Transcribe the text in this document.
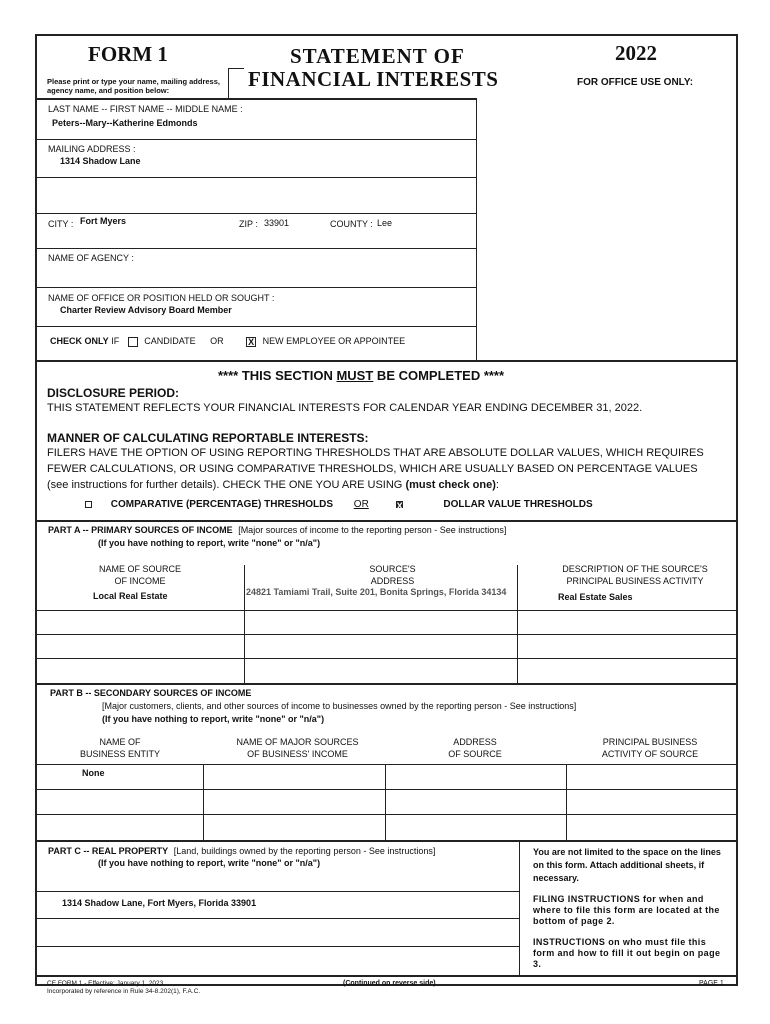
FORM 1
Please print or type your name, mailing address, agency name, and position below:
STATEMENT OF
FINANCIAL INTERESTS
2022
FOR OFFICE USE ONLY:
LAST NAME -- FIRST NAME -- MIDDLE NAME :
Peters--Mary--Katherine Edmonds
MAILING ADDRESS :
1314 Shadow Lane
CITY : Fort Myers	ZIP : 33901	COUNTY : Lee
NAME OF AGENCY :
NAME OF OFFICE OR POSITION HELD OR SOUGHT :
Charter Review Advisory Board Member
CHECK ONLY IF	CANDIDATE OR	X NEW EMPLOYEE OR APPOINTEE
**** THIS SECTION MUST BE COMPLETED ****
DISCLOSURE PERIOD:
THIS STATEMENT REFLECTS YOUR FINANCIAL INTERESTS FOR CALENDAR YEAR ENDING DECEMBER 31, 2022.
MANNER OF CALCULATING REPORTABLE INTERESTS:
FILERS HAVE THE OPTION OF USING REPORTING THRESHOLDS THAT ARE ABSOLUTE DOLLAR VALUES, WHICH REQUIRES
FEWER CALCULATIONS, OR USING COMPARATIVE THRESHOLDS, WHICH ARE USUALLY BASED ON PERCENTAGE VALUES
(see instructions for further details). CHECK THE ONE YOU ARE USING (must check one):
COMPARATIVE (PERCENTAGE) THRESHOLDS OR	X	DOLLAR VALUE THRESHOLDS
PART A -- PRIMARY SOURCES OF INCOME [Major sources of income to the reporting person - See instructions]
(If you have nothing to report, write "none" or "n/a")
NAME OF SOURCE
OF INCOME
SOURCE'S
ADDRESS
DESCRIPTION OF THE SOURCE'S
PRINCIPAL BUSINESS ACTIVITY
Local Real Estate	24821 Tamiami Trail, Suite 201, Bonita Springs, Florida 34134	Real Estate Sales
PART B -- SECONDARY SOURCES OF INCOME
[Major customers, clients, and other sources of income to businesses owned by the reporting person - See instructions]
(If you have nothing to report, write "none" or "n/a")
NAME OF
BUSINESS ENTITY
NAME OF MAJOR SOURCES
OF BUSINESS' INCOME
ADDRESS
OF SOURCE
PRINCIPAL BUSINESS
ACTIVITY OF SOURCE
None
PART C -- REAL PROPERTY [Land, buildings owned by the reporting person - See instructions]
(If you have nothing to report, write "none" or "n/a")
1314 Shadow Lane, Fort Myers, Florida 33901
You are not limited to the space on the lines on this form. Attach additional sheets, if necessary.
FILING INSTRUCTIONS for when and where to file this form are located at the bottom of page 2.
INSTRUCTIONS on who must file this form and how to fill it out begin on page 3.
CE FORM 1 - Effective: January 1, 2023
Incorporated by reference in Rule 34-8.202(1), F.A.C.
(Continued on reverse side)	PAGE 1
